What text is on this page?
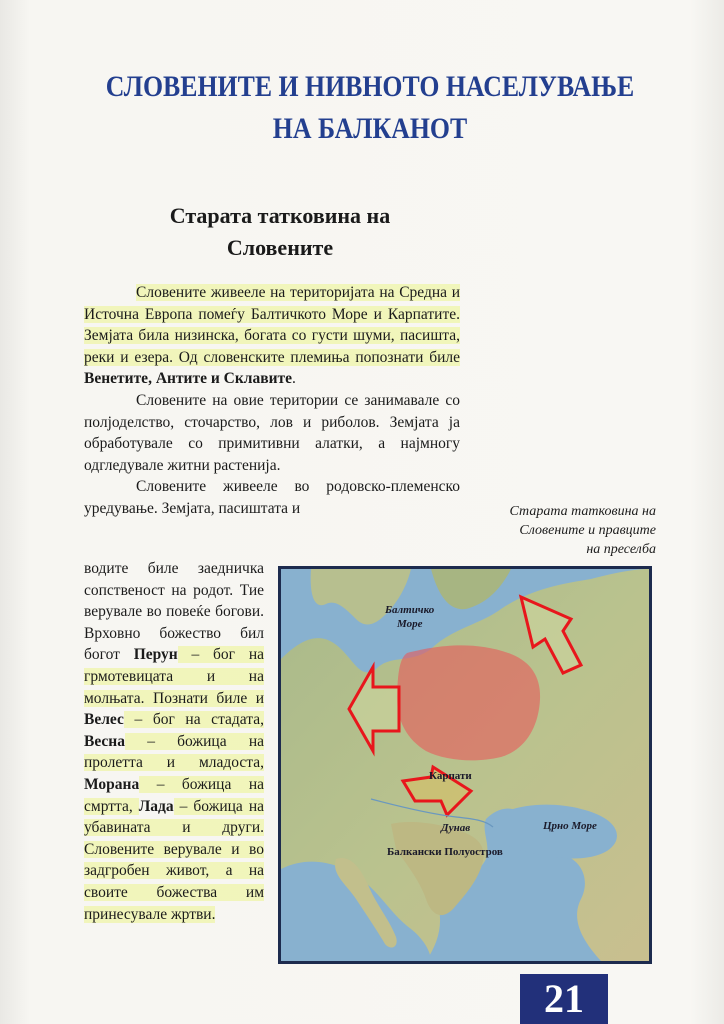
СЛОВЕНИТЕ И НИВНОТО НАСЕЛУВАЊЕ
НА БАЛКАНОТ
Старата татковина на
Словените

Словените живееле на територијата на Средна и Источна Европа помеѓу Балтичкото Море и Карпатите. Земјата била низинска, богата со густи шуми, пасишта, реки и езера. Од словенските племиња попознати биле Венетите, Антите и Склавите.

Словените на овие територии се занимавале со полјоделство, сточарство, лов и риболов. Земјата ја обработувале со примитивни алатки, а најмногу одгледувале житни растенија.

Словените живееле во родовско-племенско уредување. Земјата, пасиштата и

водите биле заедничка сопственост на родот. Тие верувале во повеќе богови. Врховно божество бил богот Перун – бог на грмотевицата и на молњата. Познати биле и Велес – бог на стадата, Весна – божица на пролетта и младоста, Морана – божица на смртта, Лада – божица на убавината и други. Словените верувале и во задгробен живот, а на своите божества им принесувале жртви.

Старата татковина на
Словените и правците
на преселба
Балтичко
Море
Карпати
Дунав	Црно Море
Балкански Полуостров
21
